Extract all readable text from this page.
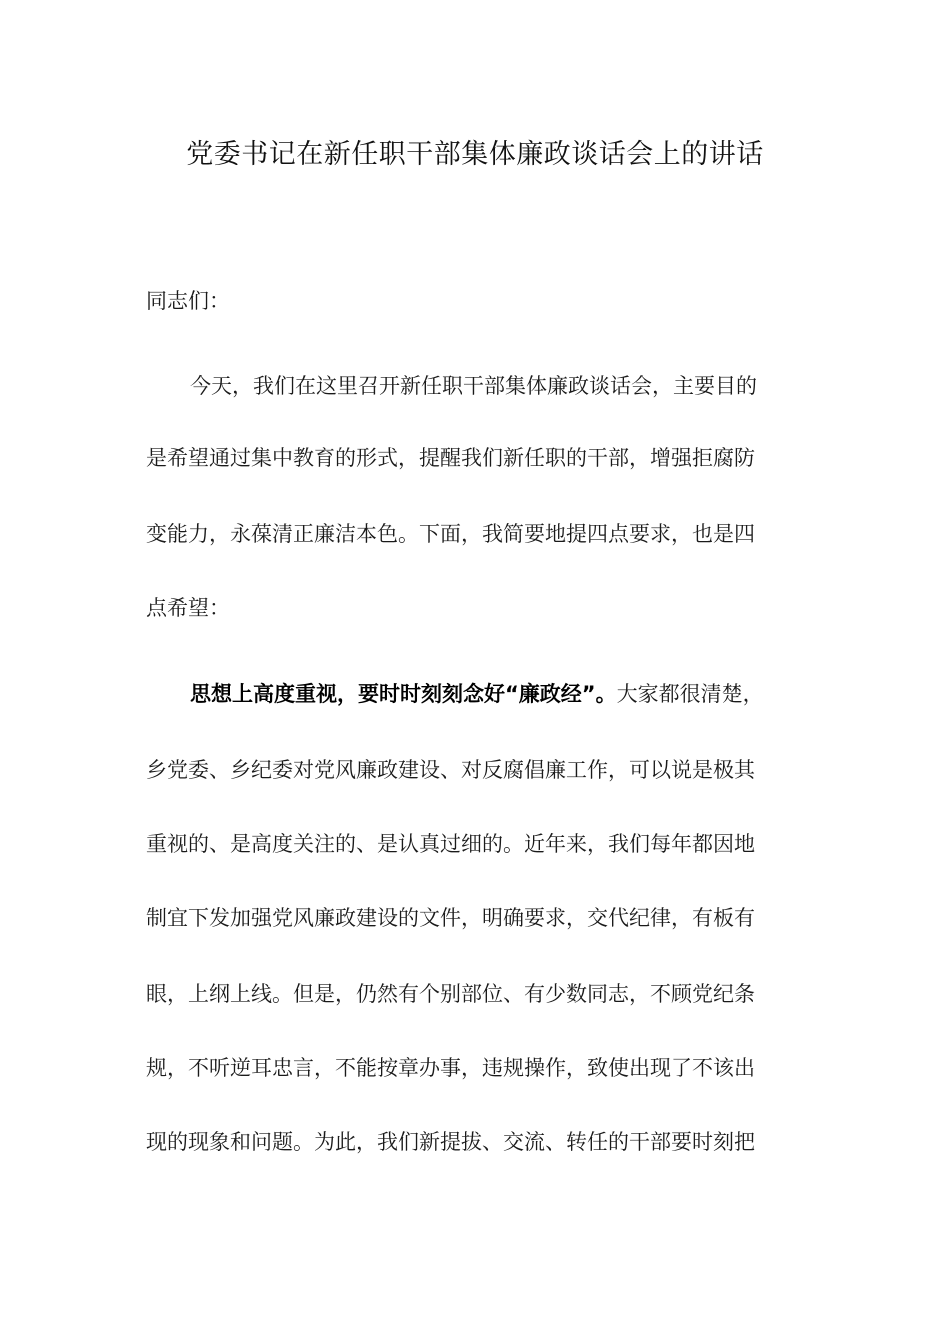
党委书记在新任职干部集体廉政谈话会上的讲话

同志们：

今天，我们在这里召开新任职干部集体廉政谈话会，主要目的

是希望通过集中教育的形式，提醒我们新任职的干部，增强拒腐防

变能力，永葆清正廉洁本色。下面，我简要地提四点要求，也是四

点希望：

思想上高度重视，要时时刻刻念好“廉政经”。大家都很清楚，

乡党委、乡纪委对党风廉政建设、对反腐倡廉工作，可以说是极其

重视的、是高度关注的、是认真过细的。近年来，我们每年都因地

制宜下发加强党风廉政建设的文件，明确要求，交代纪律，有板有

眼，上纲上线。但是，仍然有个别部位、有少数同志，不顾党纪条

规，不听逆耳忠言，不能按章办事，违规操作，致使出现了不该出

现的现象和问题。为此，我们新提拔、交流、转任的干部要时刻把
